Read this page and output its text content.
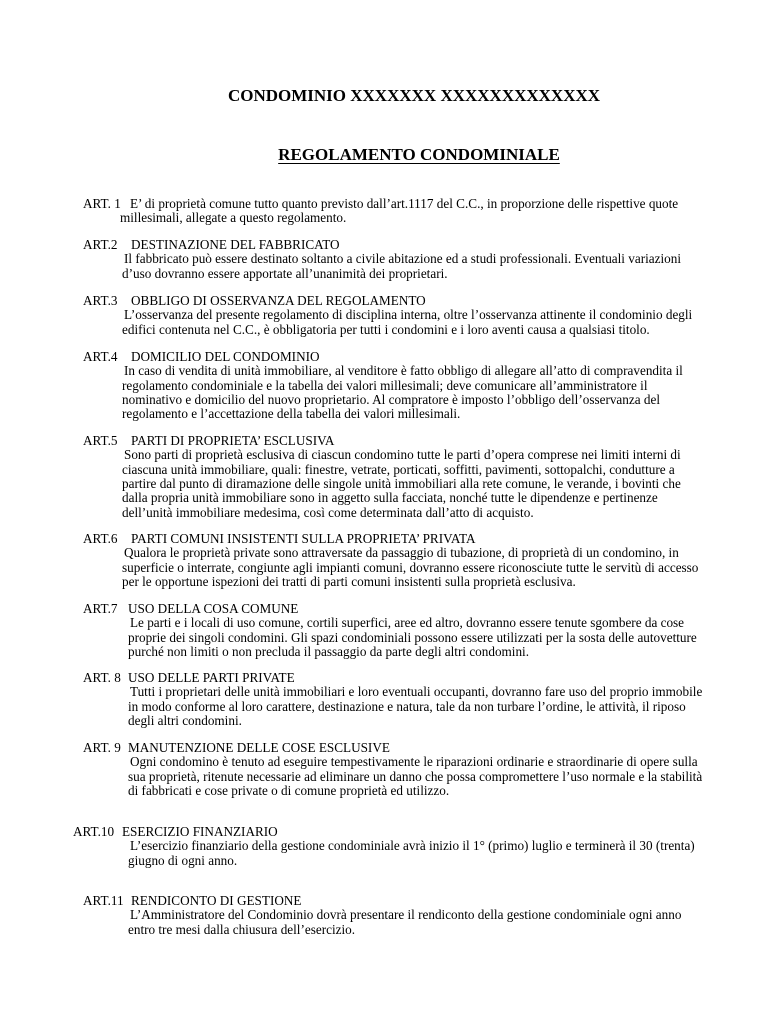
CONDOMINIO XXXXXXX XXXXXXXXXXXXX
REGOLAMENTO CONDOMINIALE
ART. 1 E’ di proprietà comune tutto quanto previsto dall’art.1117 del C.C., in proporzione delle rispettive quote
millesimali, allegate a questo regolamento.
ART.2 DESTINAZIONE DEL FABBRICATO
Il fabbricato può essere destinato soltanto a civile abitazione ed a studi professionali. Eventuali variazioni
d’uso dovranno essere apportate all’unanimità dei proprietari.
ART.3 OBBLIGO DI OSSERVANZA DEL REGOLAMENTO
L’osservanza del presente regolamento di disciplina interna, oltre l’osservanza attinente il condominio degli
edifici contenuta nel C.C., è obbligatoria per tutti i condomini e i loro aventi causa a qualsiasi titolo.
ART.4 DOMICILIO DEL CONDOMINIO
In caso di vendita di unità immobiliare, al venditore è fatto obbligo di allegare all’atto di compravendita il
regolamento condominiale e la tabella dei valori millesimali; deve comunicare all’amministratore il
nominativo e domicilio del nuovo proprietario. Al compratore è imposto l’obbligo dell’osservanza del
regolamento e l’accettazione della tabella dei valori millesimali.
ART.5 PARTI DI PROPRIETA’ ESCLUSIVA
Sono parti di proprietà esclusiva di ciascun condomino tutte le parti d’opera comprese nei limiti interni di
ciascuna unità immobiliare, quali: finestre, vetrate, porticati, soffitti, pavimenti, sottopalchi, condutture a
partire dal punto di diramazione delle singole unità immobiliari alla rete comune, le verande, i bovinti che
dalla propria unità immobiliare sono in aggetto sulla facciata, nonché tutte le dipendenze e pertinenze
dell’unità immobiliare medesima, così come determinata dall’atto di acquisto.
ART.6 PARTI COMUNI INSISTENTI SULLA PROPRIETA’ PRIVATA
Qualora le proprietà private sono attraversate da passaggio di tubazione, di proprietà di un condomino, in
superficie o interrate, congiunte agli impianti comuni, dovranno essere riconosciute tutte le servitù di accesso
per le opportune ispezioni dei tratti di parti comuni insistenti sulla proprietà esclusiva.
ART.7 USO DELLA COSA COMUNE
Le parti e i locali di uso comune, cortili superfici, aree ed altro, dovranno essere tenute sgombere da cose
proprie dei singoli condomini. Gli spazi condominiali possono essere utilizzati per la sosta delle autovetture
purché non limiti o non precluda il passaggio da parte degli altri condomini.
ART. 8 USO DELLE PARTI PRIVATE
Tutti i proprietari delle unità immobiliari e loro eventuali occupanti, dovranno fare uso del proprio immobile
in modo conforme al loro carattere, destinazione e natura, tale da non turbare l’ordine, le attività, il riposo
degli altri condomini.
ART. 9 MANUTENZIONE DELLE COSE ESCLUSIVE
Ogni condomino è tenuto ad eseguire tempestivamente le riparazioni ordinarie e straordinarie di opere sulla
sua proprietà, ritenute necessarie ad eliminare un danno che possa compromettere l’uso normale e la stabilità
di fabbricati e cose private o di comune proprietà ed utilizzo.
ART.10 ESERCIZIO FINANZIARIO
L’esercizio finanziario della gestione condominiale avrà inizio il 1° (primo) luglio e terminerà il 30 (trenta)
giugno di ogni anno.
ART.11 RENDICONTO DI GESTIONE
L’Amministratore del Condominio dovrà presentare il rendiconto della gestione condominiale ogni anno
entro tre mesi dalla chiusura dell’esercizio.
